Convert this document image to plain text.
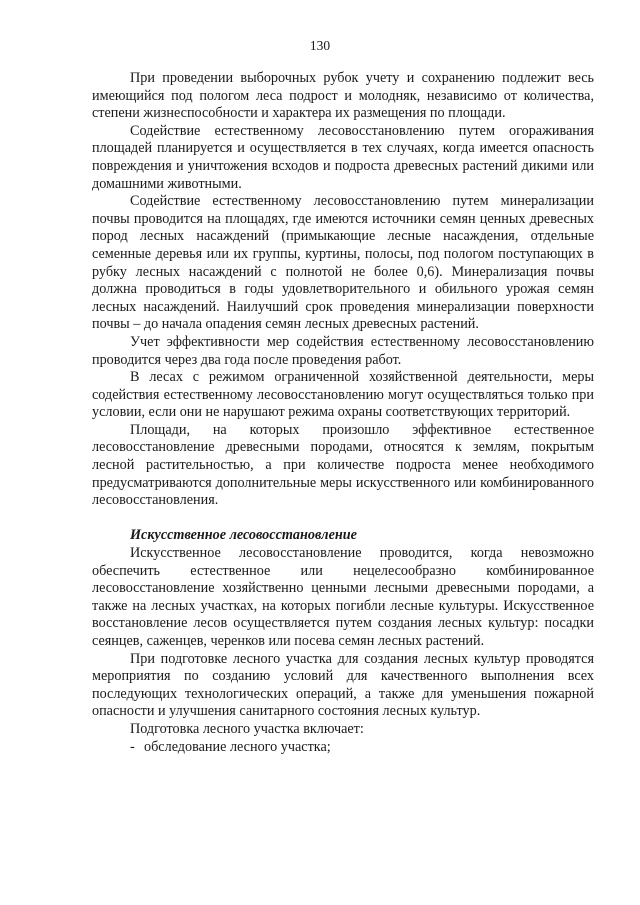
130

При проведении выборочных рубок учету и сохранению подлежит весь имеющийся под пологом леса подрост и молодняк, независимо от количества, степени жизнеспособности и характера их размещения по площади.

Содействие естественному лесовосстановлению путем огораживания площадей планируется и осуществляется в тех случаях, когда имеется опасность повреждения и уничтожения всходов и подроста древесных растений дикими или домашними животными.

Содействие естественному лесовосстановлению путем минерализации почвы проводится на площадях, где имеются источники семян ценных древесных пород лесных насаждений (примыкающие лесные насаждения, отдельные семенные деревья или их группы, куртины, полосы, под пологом поступающих в рубку лесных насаждений с полнотой не более 0,6). Минерализация почвы должна проводиться в годы удовлетворительного и обильного урожая семян лесных насаждений. Наилучший срок проведения минерализации поверхности почвы – до начала опадения семян лесных древесных растений.

Учет эффективности мер содействия естественному лесовосстановлению проводится через два года после проведения работ.

В лесах с режимом ограниченной хозяйственной деятельности, меры содействия естественному лесовосстановлению могут осуществляться только при условии, если они не нарушают режима охраны соответствующих территорий.

Площади, на которых произошло эффективное естественное лесовосстановление древесными породами, относятся к землям, покрытым лесной растительностью, а при количестве подроста менее необходимого предусматриваются дополнительные меры искусственного или комбинированного лесовосстановления.

Искусственное лесовосстановление

Искусственное лесовосстановление проводится, когда невозможно обеспечить естественное или нецелесообразно комбинированное лесовосстановление хозяйственно ценными лесными древесными породами, а также на лесных участках, на которых погибли лесные культуры. Искусственное восстановление лесов осуществляется путем создания лесных культур: посадки сеянцев, саженцев, черенков или посева семян лесных растений.

При подготовке лесного участка для создания лесных культур проводятся мероприятия по созданию условий для качественного выполнения всех последующих технологических операций, а также для уменьшения пожарной опасности и улучшения санитарного состояния лесных культур.

Подготовка лесного участка включает:

- обследование лесного участка;
